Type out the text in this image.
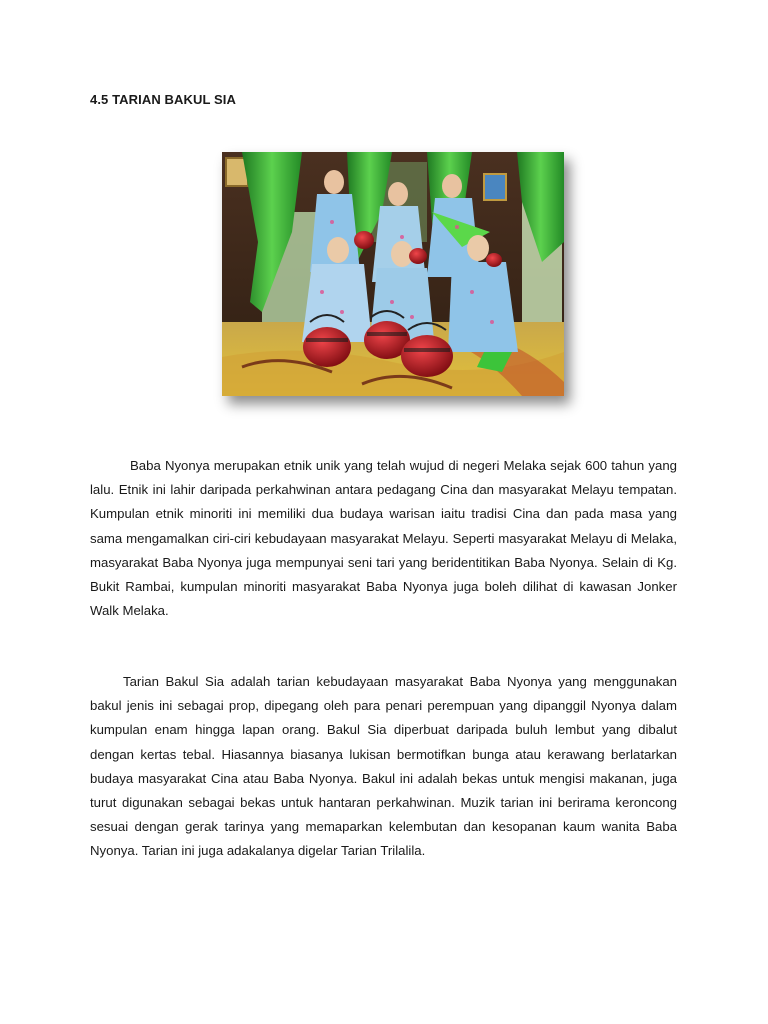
4.5 TARIAN BAKUL SIA

Baba Nyonya merupakan etnik unik yang telah wujud di negeri Melaka sejak 600 tahun yang lalu. Etnik ini lahir daripada perkahwinan antara pedagang Cina dan masyarakat Melayu tempatan. Kumpulan etnik minoriti ini memiliki dua budaya warisan iaitu tradisi Cina dan pada masa yang sama mengamalkan ciri-ciri kebudayaan masyarakat Melayu. Seperti masyarakat Melayu di Melaka, masyarakat Baba Nyonya juga mempunyai seni tari yang beridentitikan Baba Nyonya. Selain di Kg. Bukit Rambai, kumpulan minoriti masyarakat Baba Nyonya juga boleh dilihat di kawasan Jonker Walk Melaka.

Tarian Bakul Sia adalah tarian kebudayaan masyarakat Baba Nyonya yang menggunakan bakul jenis ini sebagai prop, dipegang oleh para penari perempuan yang dipanggil Nyonya dalam kumpulan enam hingga lapan orang. Bakul Sia diperbuat daripada buluh lembut yang dibalut dengan kertas tebal. Hiasannya biasanya lukisan bermotifkan bunga atau kerawang berlatarkan budaya masyarakat Cina atau Baba Nyonya. Bakul ini adalah bekas untuk mengisi makanan, juga turut digunakan sebagai bekas untuk hantaran perkahwinan. Muzik tarian ini berirama keroncong sesuai dengan gerak tarinya yang memaparkan kelembutan dan kesopanan kaum wanita Baba Nyonya. Tarian ini juga adakalanya digelar Tarian Trilalila.
